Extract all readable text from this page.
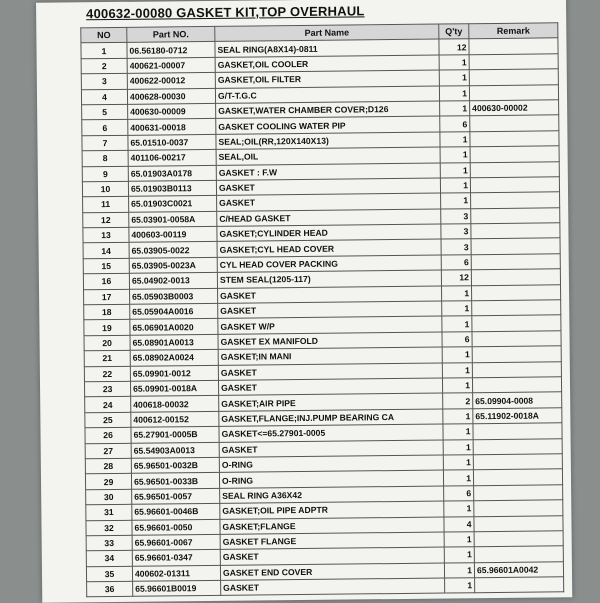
400632-00080 GASKET KIT,TOP OVERHAUL
NO	Part NO.	Part Name	Q'ty	Remark
1	06.56180-0712	SEAL RING(A8X14)-0811	12	
2	400621-00007	GASKET,OIL COOLER	1	
3	400622-00012	GASKET,OIL FILTER	1	
4	400628-00030	G/T-T.G.C	1	
5	400630-00009	GASKET,WATER CHAMBER COVER;D126	1	400630-00002
6	400631-00018	GASKET COOLING WATER PIP	6	
7	65.01510-0037	SEAL;OIL(RR,120X140X13)	1	
8	401106-00217	SEAL,OIL	1	
9	65.01903A0178	GASKET : F.W	1	
10	65.01903B0113	GASKET	1	
11	65.01903C0021	GASKET	1	
12	65.03901-0058A	C/HEAD GASKET	3	
13	400603-00119	GASKET;CYLINDER HEAD	3	
14	65.03905-0022	GASKET;CYL HEAD COVER	3	
15	65.03905-0023A	CYL HEAD COVER PACKING	6	
16	65.04902-0013	STEM SEAL(1205-117)	12	
17	65.05903B0003	GASKET	1	
18	65.05904A0016	GASKET	1	
19	65.06901A0020	GASKET W/P	1	
20	65.08901A0013	GASKET EX MANIFOLD	6	
21	65.08902A0024	GASKET;IN MANI	1	
22	65.09901-0012	GASKET	1	
23	65.09901-0018A	GASKET	1	
24	400618-00032	GASKET;AIR PIPE	2	65.09904-0008
25	400612-00152	GASKET,FLANGE;INJ.PUMP BEARING CA	1	65.11902-0018A
26	65.27901-0005B	GASKET<=65.27901-0005	1	
27	65.54903A0013	GASKET	1	
28	65.96501-0032B	O-RING	1	
29	65.96501-0033B	O-RING	1	
30	65.96501-0057	SEAL RING A36X42	6	
31	65.96601-0046B	GASKET;OIL PIPE ADPTR	1	
32	65.96601-0050	GASKET;FLANGE	4	
33	65.96601-0067	GASKET FLANGE	1	
34	65.96601-0347	GASKET	1	
35	400602-01311	GASKET END COVER	1	65.96601A0042
36	65.96601B0019	GASKET	1	
